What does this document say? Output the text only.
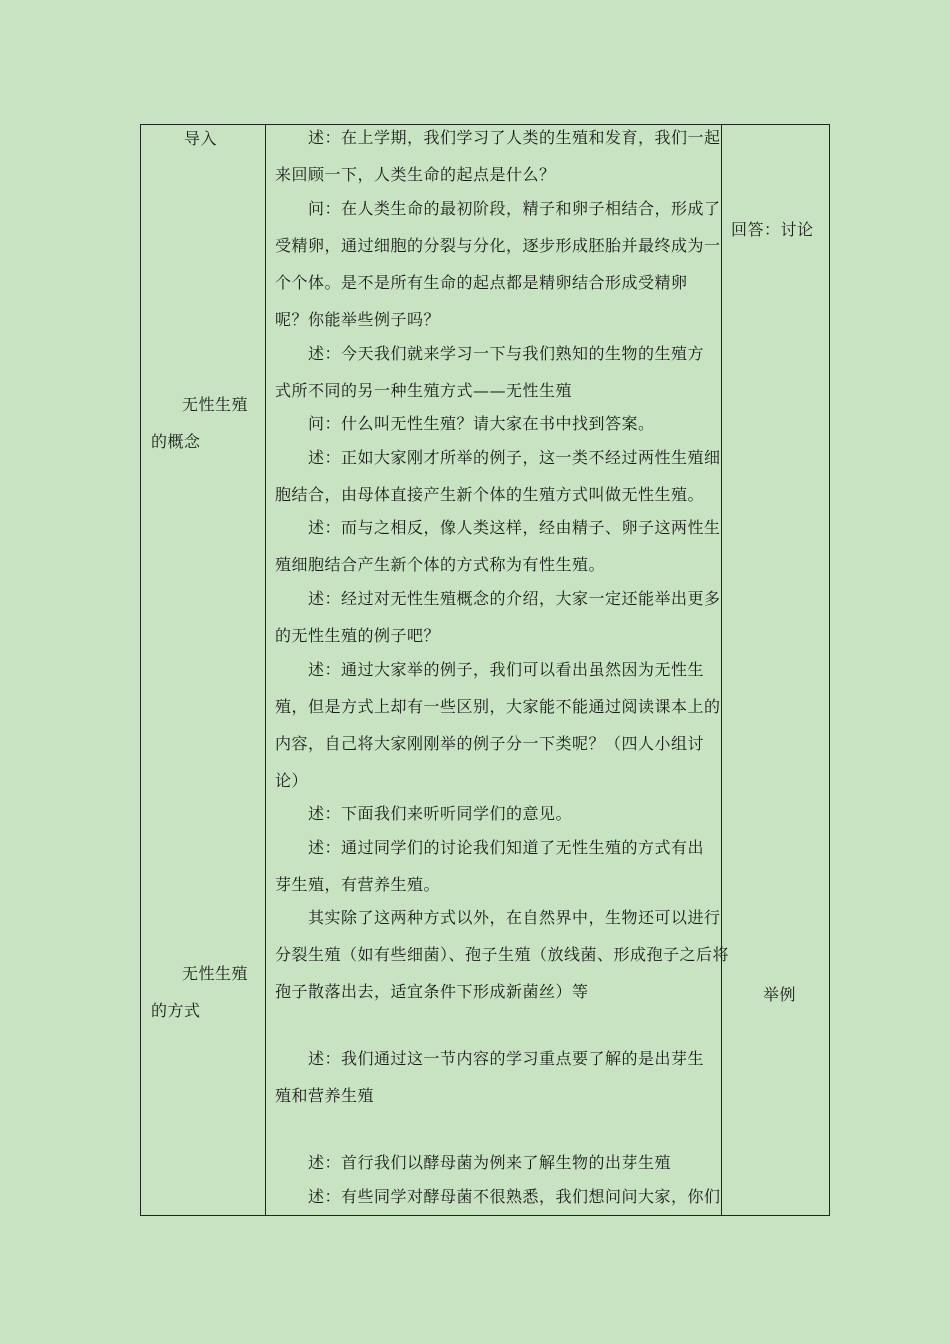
导入
无性生殖
的概念
无性生殖
的方式
回答：讨论
举例
述：在上学期，我们学习了人类的生殖和发育，我们一起
来回顾一下，人类生命的起点是什么？
问：在人类生命的最初阶段，精子和卵子相结合，形成了
受精卵，通过细胞的分裂与分化，逐步形成胚胎并最终成为一
个个体。是不是所有生命的起点都是精卵结合形成受精卵
呢？你能举些例子吗？
述：今天我们就来学习一下与我们熟知的生物的生殖方
式所不同的另一种生殖方式——无性生殖
问：什么叫无性生殖？请大家在书中找到答案。
述：正如大家刚才所举的例子，这一类不经过两性生殖细
胞结合，由母体直接产生新个体的生殖方式叫做无性生殖。
述：而与之相反，像人类这样，经由精子、卵子这两性生
殖细胞结合产生新个体的方式称为有性生殖。
述：经过对无性生殖概念的介绍，大家一定还能举出更多
的无性生殖的例子吧？
述：通过大家举的例子，我们可以看出虽然因为无性生
殖，但是方式上却有一些区别，大家能不能通过阅读课本上的
内容，自己将大家刚刚举的例子分一下类呢？（四人小组讨
论）
述：下面我们来听听同学们的意见。
述：通过同学们的讨论我们知道了无性生殖的方式有出
芽生殖，有营养生殖。
其实除了这两种方式以外，在自然界中，生物还可以进行
分裂生殖（如有些细菌）、孢子生殖（放线菌、形成孢子之后将
孢子散落出去，适宜条件下形成新菌丝）等
述：我们通过这一节内容的学习重点要了解的是出芽生
殖和营养生殖
述：首行我们以酵母菌为例来了解生物的出芽生殖
述：有些同学对酵母菌不很熟悉，我们想问问大家，你们
